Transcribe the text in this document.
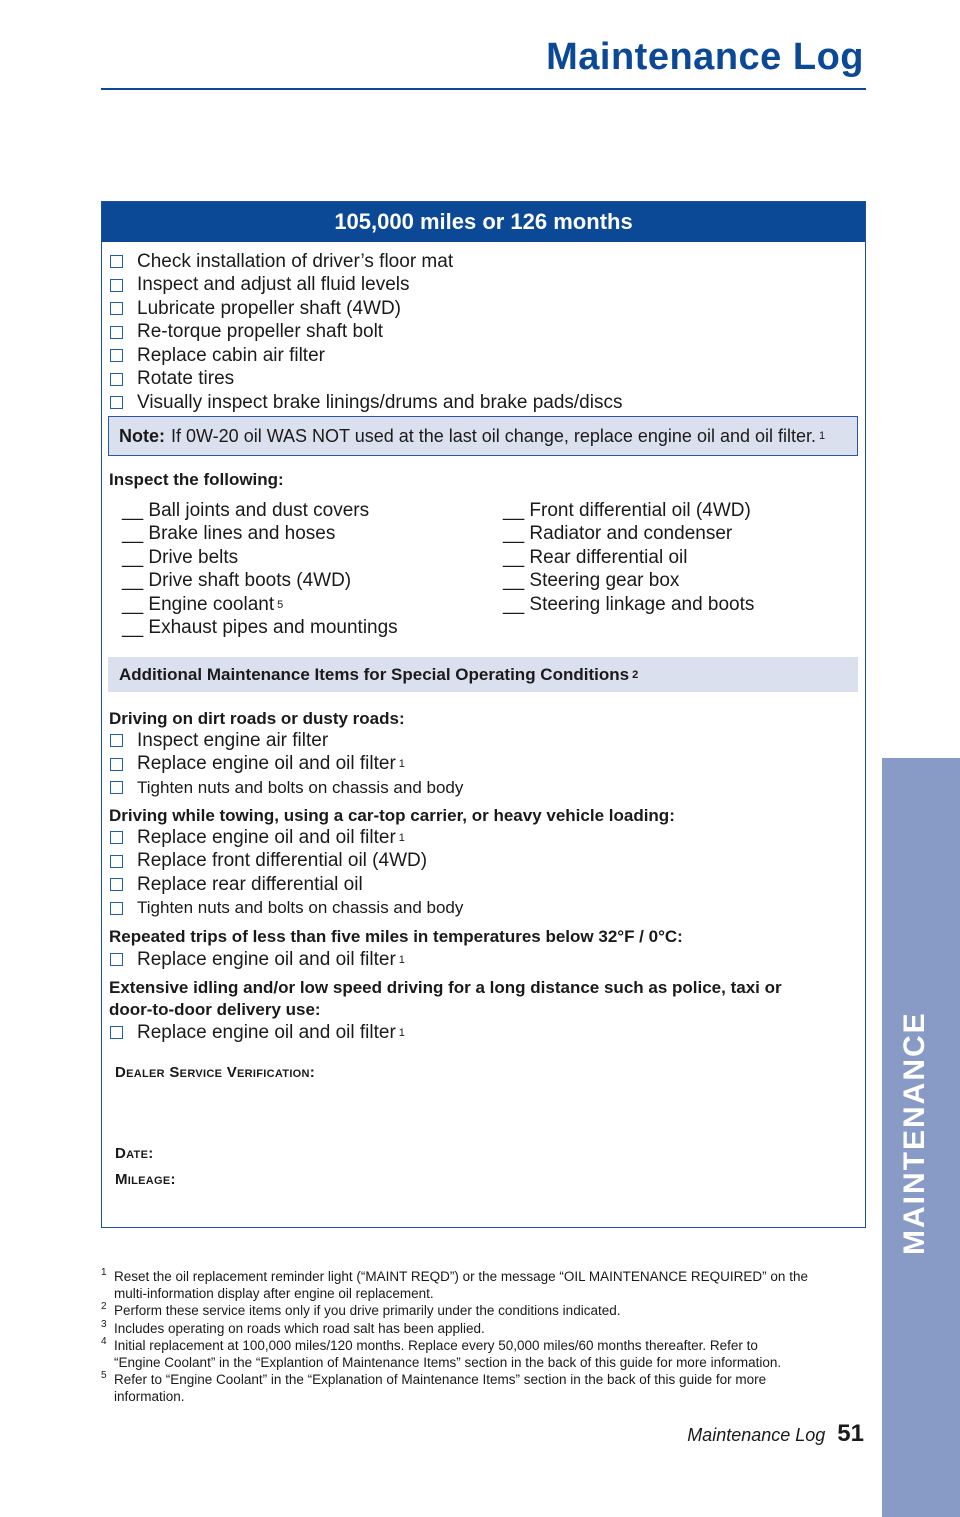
Maintenance Log
105,000 miles or 126 months
Check installation of driver’s floor mat
Inspect and adjust all fluid levels
Lubricate propeller shaft (4WD)
Re-torque propeller shaft bolt
Replace cabin air filter
Rotate tires
Visually inspect brake linings/drums and brake pads/discs
Note: If 0W-20 oil WAS NOT used at the last oil change, replace engine oil and oil filter. 1
Inspect the following:
__ Ball joints and dust covers
__ Brake lines and hoses
__ Drive belts
__ Drive shaft boots (4WD)
__ Engine coolant 5
__ Exhaust pipes and mountings
__ Front differential oil (4WD)
__ Radiator and condenser
__ Rear differential oil
__ Steering gear box
__ Steering linkage and boots
Additional Maintenance Items for Special Operating Conditions 2
Driving on dirt roads or dusty roads:
Inspect engine air filter
Replace engine oil and oil filter 1
Tighten nuts and bolts on chassis and body
Driving while towing, using a car-top carrier, or heavy vehicle loading:
Replace engine oil and oil filter 1
Replace front differential oil (4WD)
Replace rear differential oil
Tighten nuts and bolts on chassis and body
Repeated trips of less than five miles in temperatures below 32°F / 0°C:
Replace engine oil and oil filter 1
Extensive idling and/or low speed driving for a long distance such as police, taxi or
door-to-door delivery use:
Replace engine oil and oil filter 1
Dealer Service Verification:
Date:
Mileage:
1 Reset the oil replacement reminder light (“MAINT REQD”) or the message “OIL MAINTENANCE REQUIRED” on the
multi-information display after engine oil replacement.
2 Perform these service items only if you drive primarily under the conditions indicated.
3 Includes operating on roads which road salt has been applied.
4 Initial replacement at 100,000 miles/120 months. Replace every 50,000 miles/60 months thereafter. Refer to
“Engine Coolant” in the “Explantion of Maintenance Items” section in the back of this guide for more information.
5 Refer to “Engine Coolant” in the “Explanation of Maintenance Items” section in the back of this guide for more
information.
Maintenance Log 51
MAINTENANCE
